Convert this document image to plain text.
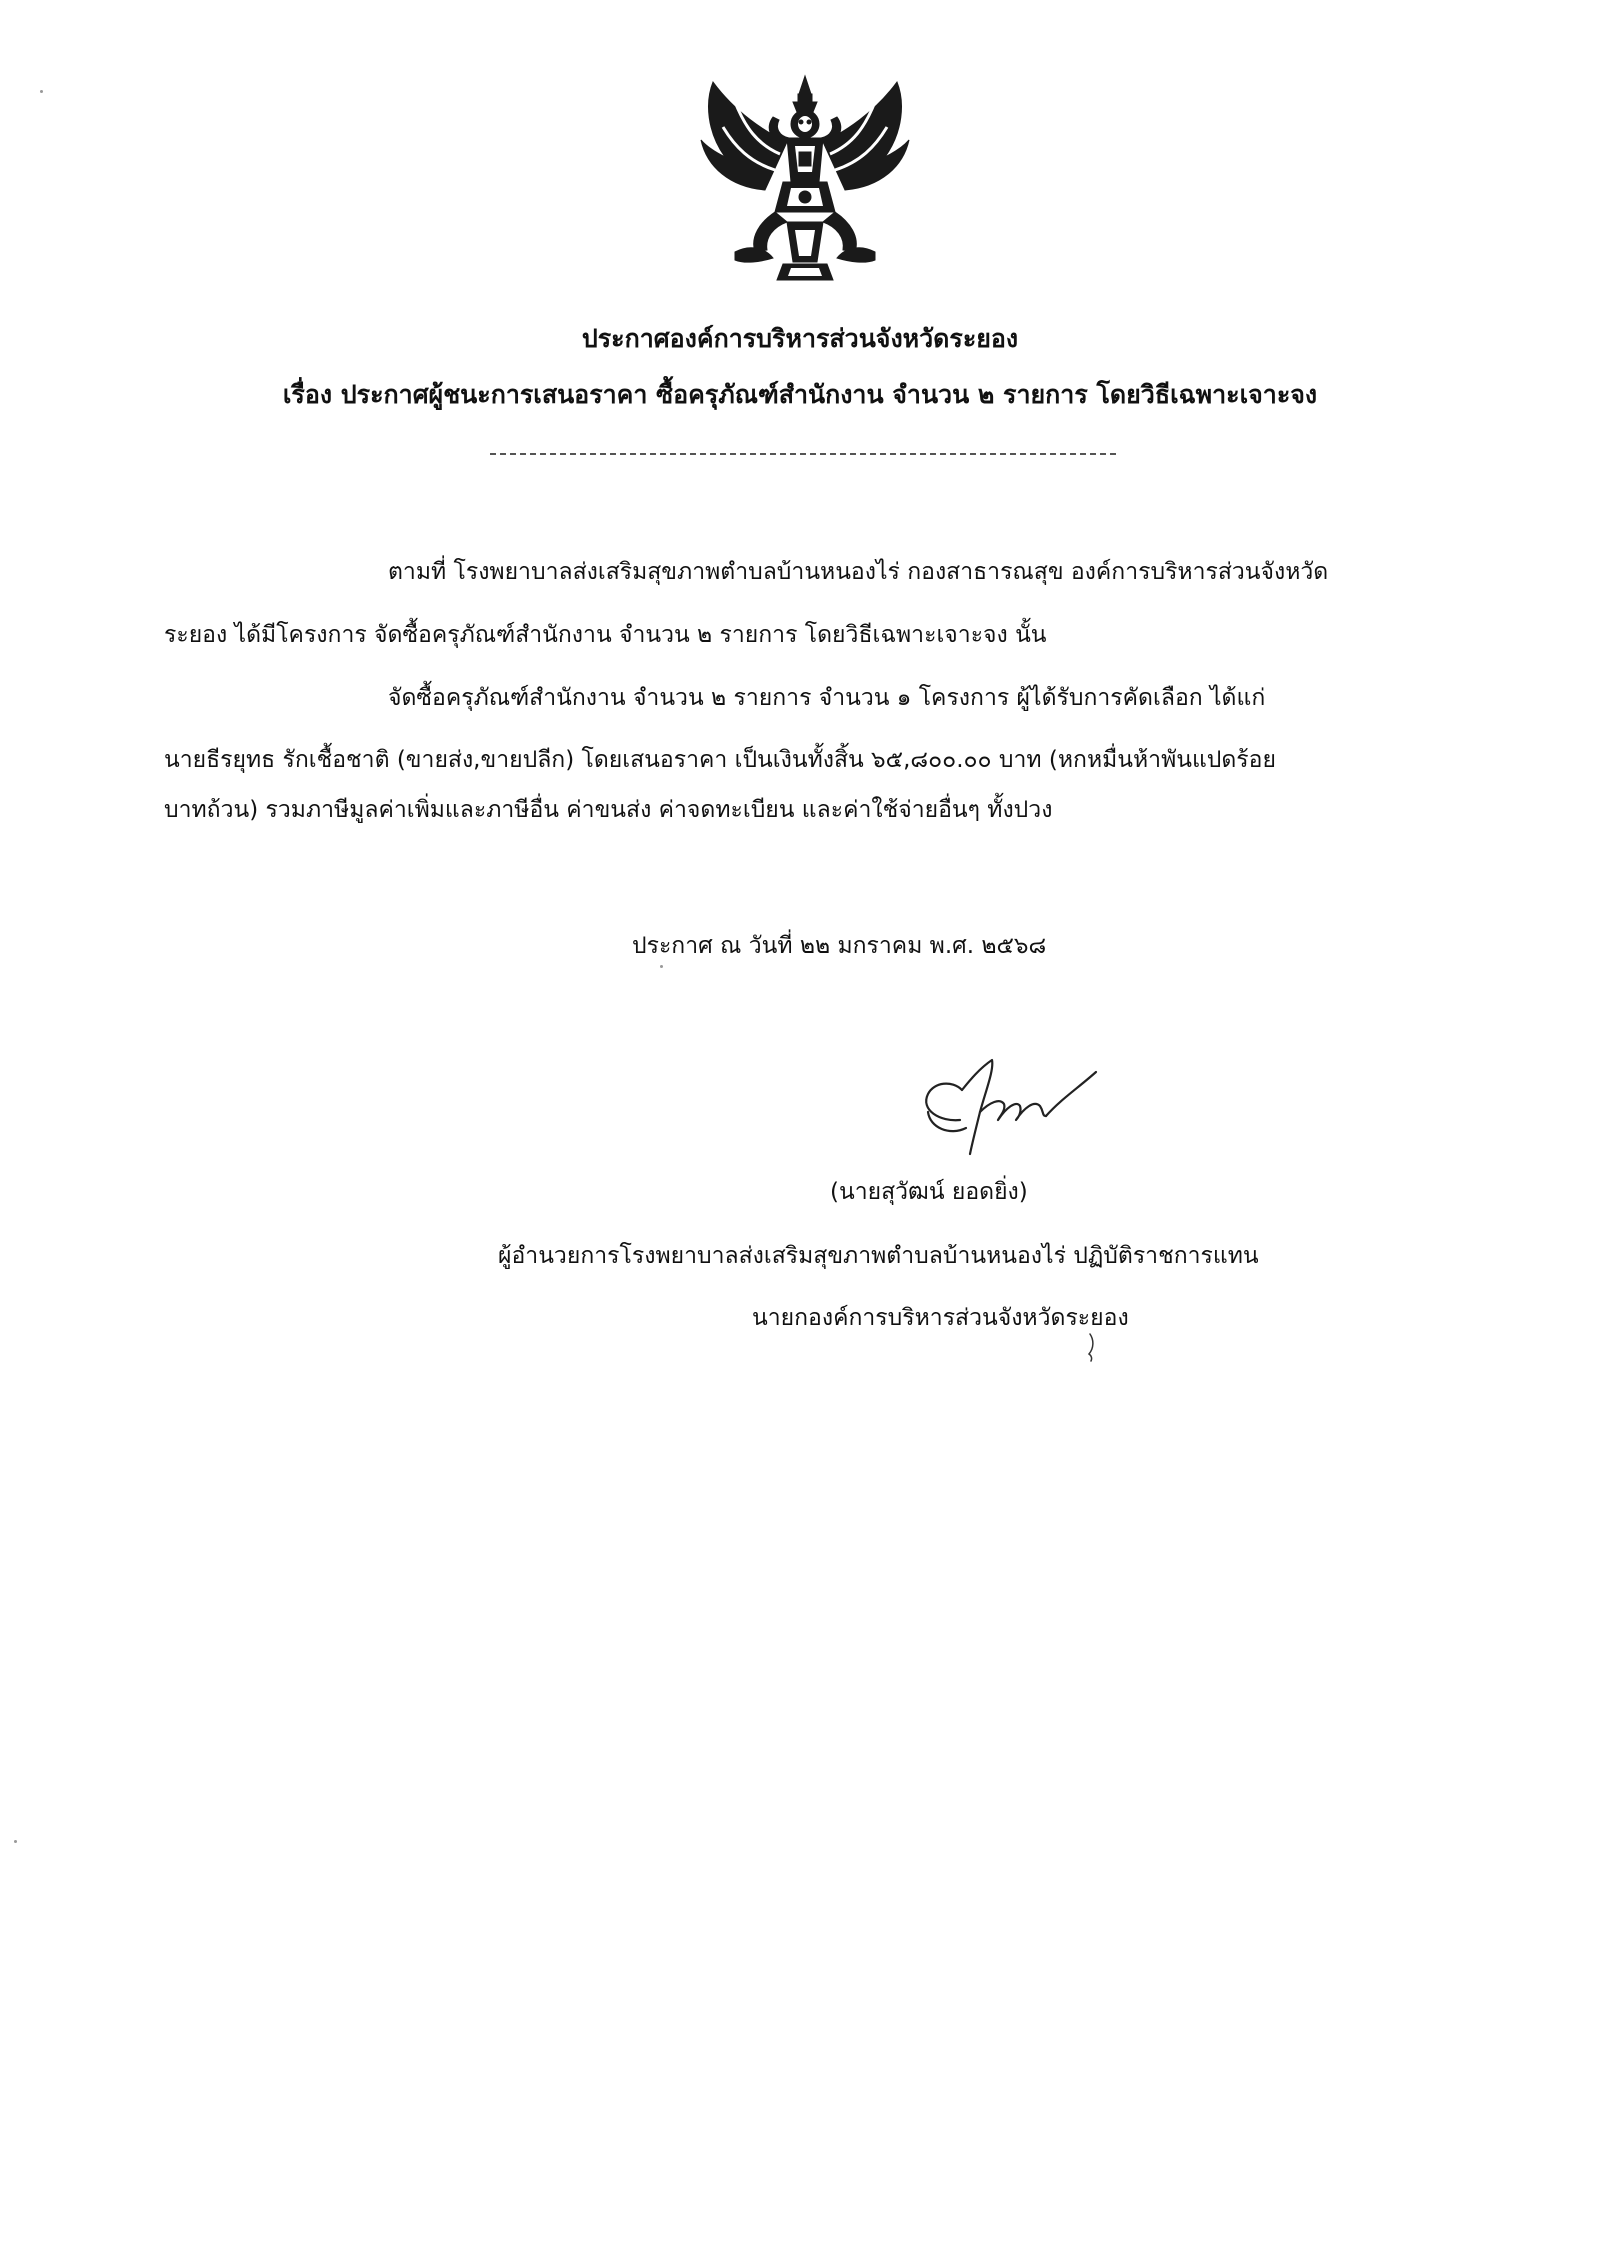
ประกาศองค์การบริหารส่วนจังหวัดระยอง
เรื่อง ประกาศผู้ชนะการเสนอราคา ซื้อครุภัณฑ์สำนักงาน จำนวน ๒ รายการ โดยวิธีเฉพาะเจาะจง
ตามที่ โรงพยาบาลส่งเสริมสุขภาพตำบลบ้านหนองไร่ กองสาธารณสุข องค์การบริหารส่วนจังหวัด
ระยอง ได้มีโครงการ จัดซื้อครุภัณฑ์สำนักงาน จำนวน ๒ รายการ โดยวิธีเฉพาะเจาะจง นั้น
จัดซื้อครุภัณฑ์สำนักงาน จำนวน ๒ รายการ จำนวน ๑ โครงการ ผู้ได้รับการคัดเลือก ได้แก่
นายธีรยุทธ รักเชื้อชาติ (ขายส่ง,ขายปลีก) โดยเสนอราคา เป็นเงินทั้งสิ้น ๖๕,๘๐๐.๐๐ บาท (หกหมื่นห้าพันแปดร้อย
บาทถ้วน) รวมภาษีมูลค่าเพิ่มและภาษีอื่น ค่าขนส่ง ค่าจดทะเบียน และค่าใช้จ่ายอื่นๆ ทั้งปวง
ประกาศ ณ วันที่ ๒๒ มกราคม พ.ศ. ๒๕๖๘
(นายสุวัฒน์ ยอดยิ่ง)
ผู้อำนวยการโรงพยาบาลส่งเสริมสุขภาพตำบลบ้านหนองไร่ ปฏิบัติราชการแทน
นายกองค์การบริหารส่วนจังหวัดระยอง
